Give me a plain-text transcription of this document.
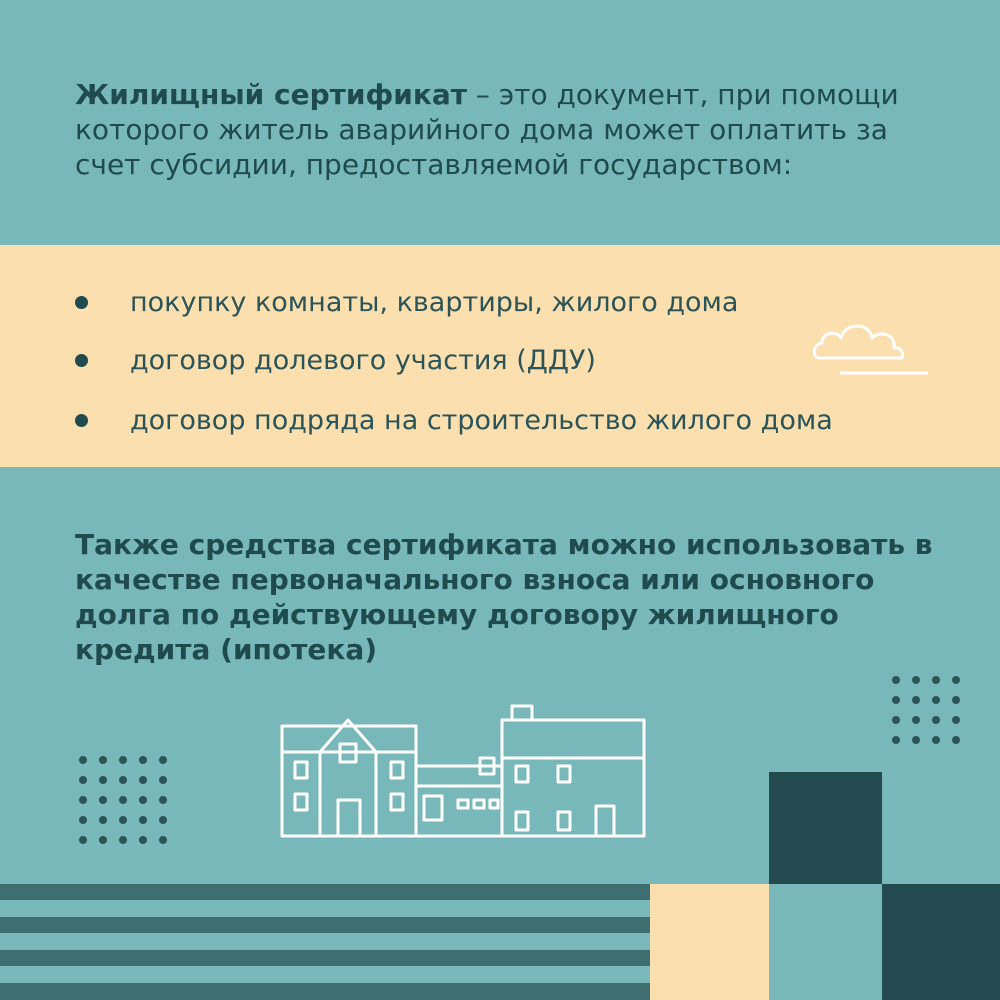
Жилищный сертификат – это документ, при помощи которого житель аварийного дома может оплатить за счет субсидии, предоставляемой государством:

покупку комнаты, квартиры, жилого дома
договор долевого участия (ДДУ)
договор подряда на строительство жилого дома

Также средства сертификата можно использовать в качестве первоначального взноса или основного долга по действующему договору жилищного кредита (ипотека)
